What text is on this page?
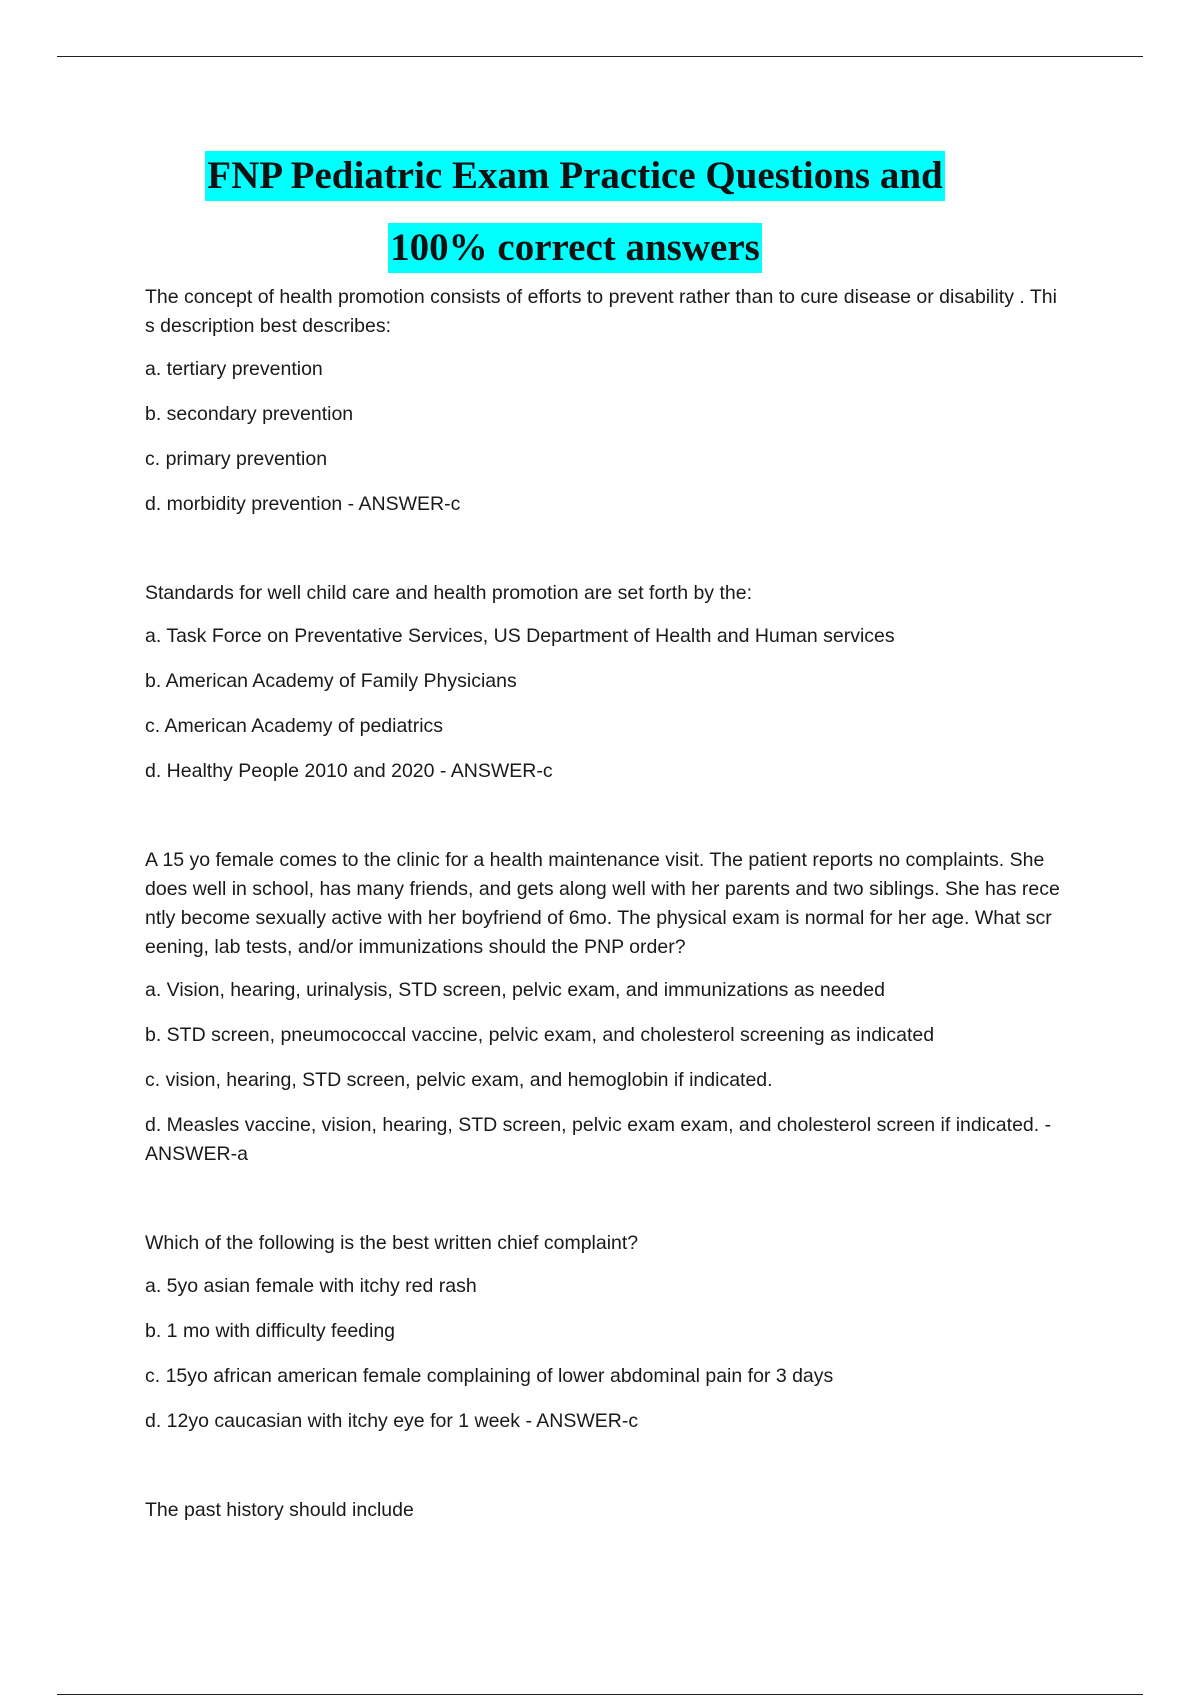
FNP Pediatric Exam Practice Questions and
100% correct answers

The concept of health promotion consists of efforts to prevent rather than to cure disease or disability . This description best describes:

a. tertiary prevention

b. secondary prevention

c. primary prevention

d. morbidity prevention - ANSWER-c

Standards for well child care and health promotion are set forth by the:

a. Task Force on Preventative Services, US Department of Health and Human services

b. American Academy of Family Physicians

c. American Academy of pediatrics

d. Healthy People 2010 and 2020 - ANSWER-c

A 15 yo female comes to the clinic for a health maintenance visit. The patient reports no complaints. She does well in school, has many friends, and gets along well with her parents and two siblings. She has recently become sexually active with her boyfriend of 6mo. The physical exam is normal for her age. What screening, lab tests, and/or immunizations should the PNP order?

a. Vision, hearing, urinalysis, STD screen, pelvic exam, and immunizations as needed

b. STD screen, pneumococcal vaccine, pelvic exam, and cholesterol screening as indicated

c. vision, hearing, STD screen, pelvic exam, and hemoglobin if indicated.

d. Measles vaccine, vision, hearing, STD screen, pelvic exam exam, and cholesterol screen if indicated. - ANSWER-a

Which of the following is the best written chief complaint?

a. 5yo asian female with itchy red rash

b. 1 mo with difficulty feeding

c. 15yo african american female complaining of lower abdominal pain for 3 days

d. 12yo caucasian with itchy eye for 1 week - ANSWER-c

The past history should include
